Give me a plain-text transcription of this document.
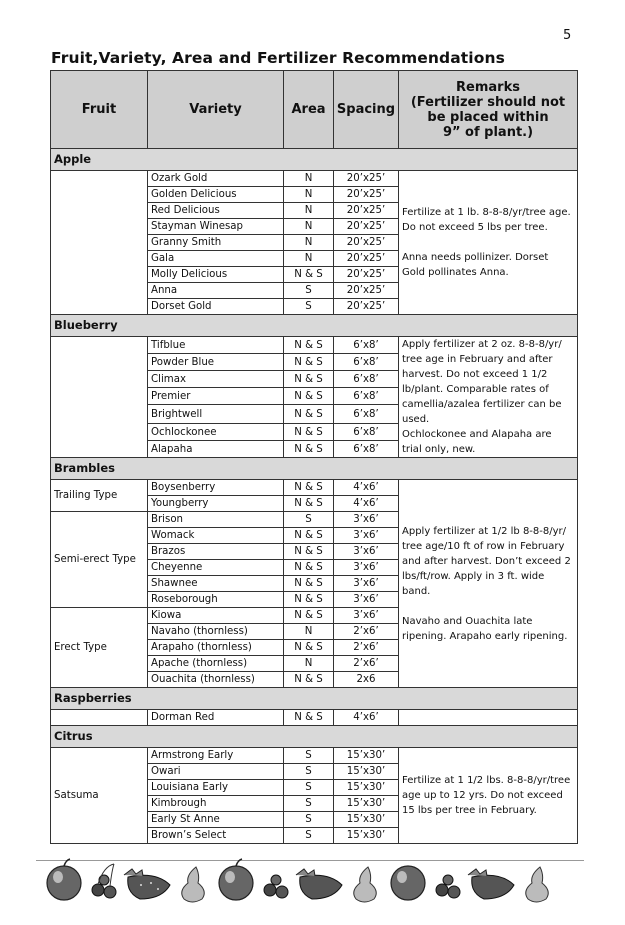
5
Fruit,Variety, Area and Fertilizer Recommendations
Fruit	Variety	Area	Spacing	Remarks
(Fertilizer should not
be placed within
9” of plant.)

Apple				
	Ozark Gold	N	20’x25’	Fertilize at 1 lb. 8-8-8/yr/tree age. Do not exceed 5 lbs per tree.

Anna needs pollinizer. Dorset Gold pollinates Anna.

	Golden Delicious	N	20’x25’	
	Red Delicious	N	20’x25’	
	Stayman Winesap	N	20’x25’	
	Granny Smith	N	20’x25’	
	Gala	N	20’x25’	
	Molly Delicious	N & S	20’x25’	
	Anna	S	20’x25’	
	Dorset Gold	S	20’x25’	
Blueberry				
	Tifblue	N & S	6’x8’	Apply fertilizer at 2 oz. 8-8-8/yr/ tree age in February and after harvest. Do not exceed 1 1/2 lb/plant. Comparable rates of camellia/azalea fertilizer can be used.

Ochlockonee and Alapaha are trial only, new.

	Powder Blue	N & S	6’x8’	
	Climax	N & S	6’x8’	
	Premier	N & S	6’x8’	
	Brightwell	N & S	6’x8’	
	Ochlockonee	N & S	6’x8’	
	Alapaha	N & S	6’x8’	
Brambles				
Trailing Type	Boysenberry	N & S	4’x6’	Apply fertilizer at 1/2 lb 8-8-8/yr/ tree age/10 ft of row in February and after harvest. Don’t exceed 2 lbs/ft/row. Apply in 3 ft. wide band.

Navaho and Ouachita late ripening. Arapaho early ripening.

	Youngberry	N & S	4’x6’	
Semi-erect Type	Brison	S	3’x6’	
	Womack	N & S	3’x6’	
	Brazos	N & S	3’x6’	
	Cheyenne	N & S	3’x6’	
	Shawnee	N & S	3’x6’	
	Roseborough	N & S	3’x6’	
Erect Type	Kiowa	N & S	3’x6’	
	Navaho (thornless)	N	2’x6’	
	Arapaho (thornless)	N & S	2’x6’	
	Apache (thornless)	N	2’x6’	
	Ouachita (thornless)	N & S	2x6	
Raspberries				
	Dorman Red	N & S	4’x6’	
Citrus				
Satsuma	Armstrong Early	S	15’x30’	Fertilize at 1 1/2 lbs. 8-8-8/yr/tree age up to 12 yrs. Do not exceed 15 lbs per tree in February.

	Owari	S	15’x30’	
	Louisiana Early	S	15’x30’	
	Kimbrough	S	15’x30’	
	Early St Anne	S	15’x30’	
	Brown’s Select	S	15’x30’	
